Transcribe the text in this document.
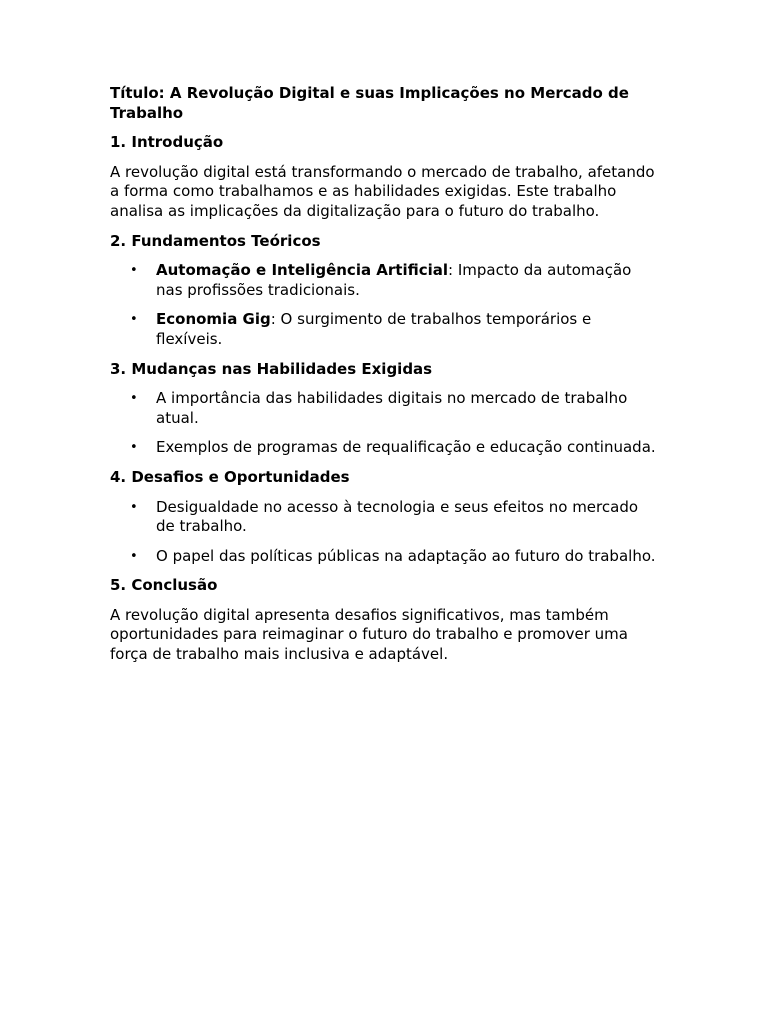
Título: A Revolução Digital e suas Implicações no Mercado de Trabalho
1. Introdução
A revolução digital está transformando o mercado de trabalho, afetando a forma como trabalhamos e as habilidades exigidas. Este trabalho analisa as implicações da digitalização para o futuro do trabalho.
2. Fundamentos Teóricos
• Automação e Inteligência Artificial: Impacto da automação nas profissões tradicionais.
• Economia Gig: O surgimento de trabalhos temporários e flexíveis.
3. Mudanças nas Habilidades Exigidas
• A importância das habilidades digitais no mercado de trabalho atual.
• Exemplos de programas de requalificação e educação continuada.
4. Desafios e Oportunidades
• Desigualdade no acesso à tecnologia e seus efeitos no mercado de trabalho.
• O papel das políticas públicas na adaptação ao futuro do trabalho.
5. Conclusão
A revolução digital apresenta desafios significativos, mas também oportunidades para reimaginar o futuro do trabalho e promover uma força de trabalho mais inclusiva e adaptável.
